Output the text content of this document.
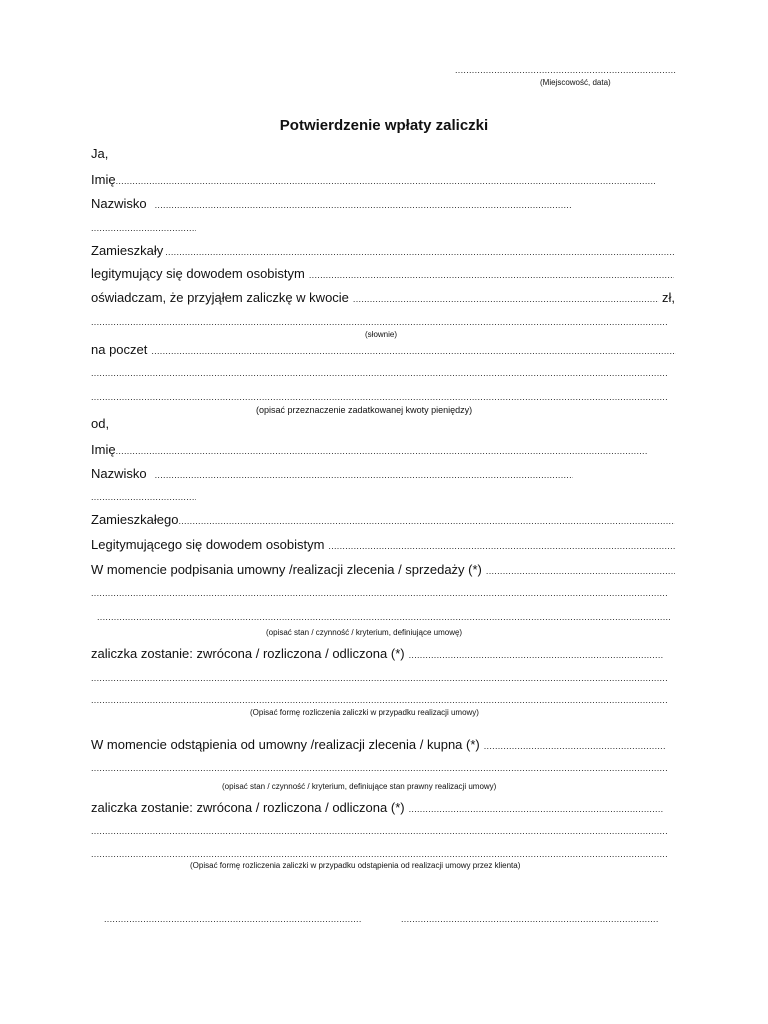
.....
(Miejscowość, data)
Potwierdzenie wpłaty zaliczki
Ja,
Imię
.....
Nazwisko
.....
.....
Zamieszkały
.....
legitymujący się dowodem osobistym
.....
oświadczam, że przyjąłem zaliczkę w kwocie
.....	zł,
.....
(słownie)
na poczet
.....
.....
.....
(opisać przeznaczenie zadatkowanej kwoty pieniędzy)
od,
Imię
.....
Nazwisko
.....
.....
Zamieszkałego
.....
Legitymującego się dowodem osobistym
.....
W momencie podpisania umowny /realizacji zlecenia / sprzedaży (*)
.....
.....
.....
(opisać stan / czynność / kryterium, definiujące umowę)
zaliczka zostanie: zwrócona / rozliczona / odliczona (*)
.....
.....
.....
(Opisać formę rozliczenia zaliczki w przypadku realizacji umowy)
W momencie odstąpienia od umowny /realizacji zlecenia / kupna (*)
.....
.....
(opisać stan / czynność / kryterium, definiujące stan prawny realizacji umowy)
zaliczka zostanie: zwrócona / rozliczona / odliczona (*)
.....
.....
.....
(Opisać formę rozliczenia zaliczki w przypadku odstąpienia od realizacji umowy przez klienta)
.....
.....
